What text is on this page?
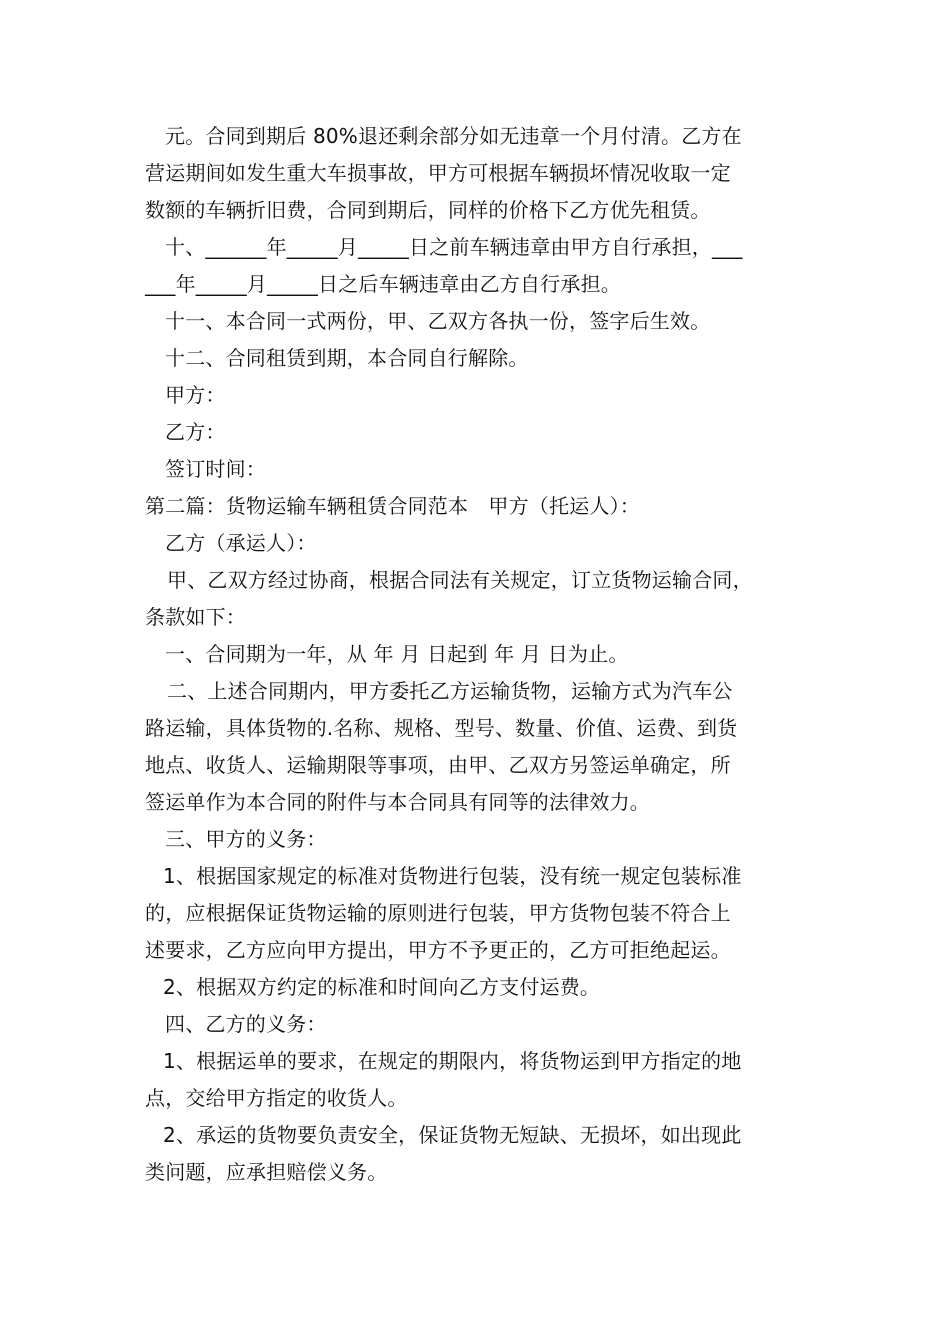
元。合同到期后 80%退还剩余部分如无违章一个月付清。乙方在
营运期间如发生重大车损事故，甲方可根据车辆损坏情况收取一定
数额的车辆折旧费，合同到期后，同样的价格下乙方优先租赁。
十、______年_____月_____日之前车辆违章由甲方自行承担，___
___年_____月_____日之后车辆违章由乙方自行承担。
十一、本合同一式两份，甲、乙双方各执一份，签字后生效。
十二、合同租赁到期，本合同自行解除。
甲方：
乙方：
签订时间：
第二篇：货物运输车辆租赁合同范本　甲方（托运人）：
乙方（承运人）：
甲、乙双方经过协商，根据合同法有关规定，订立货物运输合同，
条款如下：
一、合同期为一年，从 年 月 日起到 年 月 日为止。
二、上述合同期内，甲方委托乙方运输货物，运输方式为汽车公
路运输，具体货物的.名称、规格、型号、数量、价值、运费、到货
地点、收货人、运输期限等事项，由甲、乙双方另签运单确定，所
签运单作为本合同的附件与本合同具有同等的法律效力。
三、甲方的义务：
1、根据国家规定的标准对货物进行包装，没有统一规定包装标准
的，应根据保证货物运输的原则进行包装，甲方货物包装不符合上
述要求，乙方应向甲方提出，甲方不予更正的，乙方可拒绝起运。
2、根据双方约定的标准和时间向乙方支付运费。
四、乙方的义务：
1、根据运单的要求，在规定的期限内，将货物运到甲方指定的地
点，交给甲方指定的收货人。
2、承运的货物要负责安全，保证货物无短缺、无损坏，如出现此
类问题，应承担赔偿义务。
